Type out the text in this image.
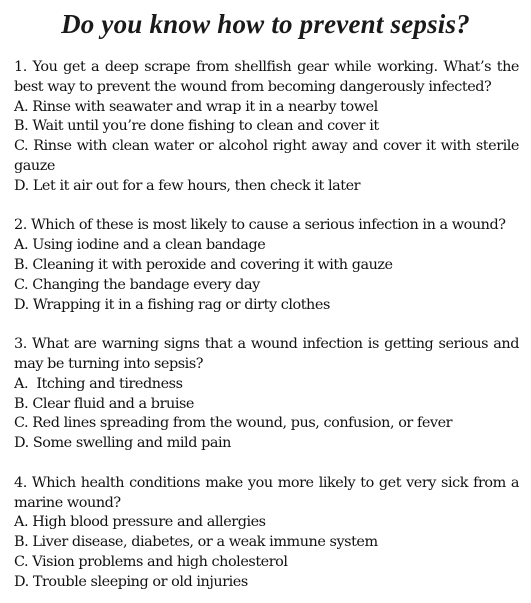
Do you know how to prevent sepsis?

1. You get a deep scrape from shellfish gear while working. What’s the best way to prevent the wound from becoming dangerously infected?

A. Rinse with seawater and wrap it in a nearby towel

B. Wait until you’re done fishing to clean and cover it

C. Rinse with clean water or alcohol right away and cover it with sterile gauze

D. Let it air out for a few hours, then check it later

2. Which of these is most likely to cause a serious infection in a wound?

A. Using iodine and a clean bandage

B. Cleaning it with peroxide and covering it with gauze

C. Changing the bandage every day

D. Wrapping it in a fishing rag or dirty clothes

3. What are warning signs that a wound infection is getting serious and may be turning into sepsis?

A.  Itching and tiredness

B. Clear fluid and a bruise

C. Red lines spreading from the wound, pus, confusion, or fever

D. Some swelling and mild pain

4. Which health conditions make you more likely to get very sick from a marine wound?

A. High blood pressure and allergies

B. Liver disease, diabetes, or a weak immune system

C. Vision problems and high cholesterol

D. Trouble sleeping or old injuries
